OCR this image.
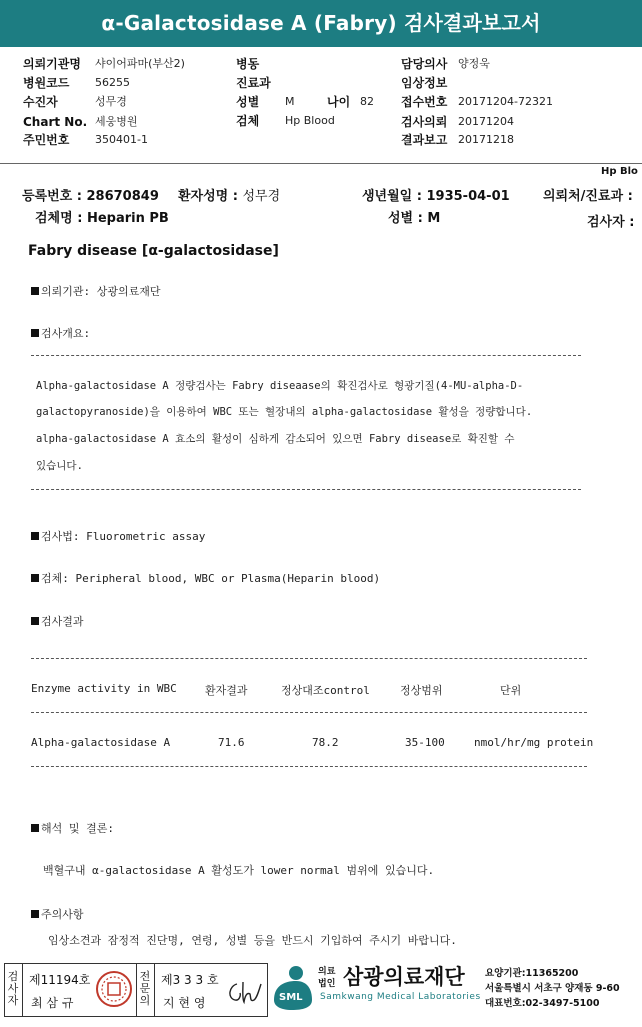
α-Galactosidase A (Fabry) 검사결과보고서
의뢰기관명 샤이어파마(부산2)
병원코드 56255
수진자	성무경
Chart No. 세웅병원
주민번호 350401-1
병동
진료과
성별 M	나이 82
검체 Hp Blood
담당의사 양정욱
임상정보
접수번호 20171204-72321
검사의뢰 20171204
결과보고 20171218
Hp Blo
등록번호 : 28670849 환자성명 : 성무경	생년월일 : 1935-04-01	의뢰처/진료과 :
검체명 : Heparin PB	성별 : M	검사자 :
Fabry disease [α-galactosidase]
의뢰기관: 상광의료재단
검사개요:
Alpha-galactosidase A 정량검사는 Fabry diseaase의 확진검사로 형광기질(4-MU-alpha-D-
galactopyranoside)을 이용하여 WBC 또는 혈장내의 alpha-galactosidase 활성을 정량합니다.
alpha-galactosidase A 효소의 활성이 심하게 감소되어 있으면 Fabry disease로 확진할 수
있습니다.
검사법: Fluorometric assay
검체: Peripheral blood, WBC or Plasma(Heparin blood)
검사결과
Enzyme activity in WBC	환자결과	정상대조control	정상범위	단위
Alpha-galactosidase A	71.6	78.2	35-100	nmol/hr/mg protein
해석 및 결론:
백혈구내 α-galactosidase A 활성도가 lower normal 범위에 있습니다.
주의사항
임상소견과 잠정적 진단명, 연령, 성별 등을 반드시 기입하여 주시기 바랍니다.
검
사
자
제11194호
최 삼 규
전
문
의
제3 3 3 호
지 현 영	SML
의료
법인 삼광의료재단
Samkwang Medical Laboratories
요양기관:11365200
서울특별시 서초구 양재동 9-60
대표번호:02-3497-5100
